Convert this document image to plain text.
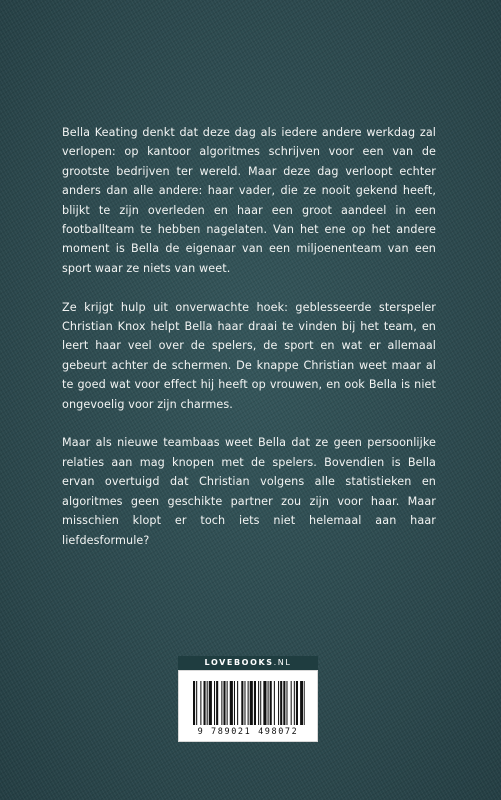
Bella Keating denkt dat deze dag als iedere andere werkdag zal verlopen: op kantoor algoritmes schrijven voor een van de grootste bedrijven ter wereld. Maar deze dag verloopt echter anders dan alle andere: haar vader, die ze nooit gekend heeft, blijkt te zijn overleden en haar een groot aandeel in een footballteam te hebben nagelaten. Van het ene op het andere moment is Bella de eigenaar van een miljoenenteam van een sport waar ze niets van weet.

Ze krijgt hulp uit onverwachte hoek: geblesseerde sterspeler Christian Knox helpt Bella haar draai te vinden bij het team, en leert haar veel over de spelers, de sport en wat er allemaal gebeurt achter de schermen. De knappe Christian weet maar al te goed wat voor effect hij heeft op vrouwen, en ook Bella is niet ongevoelig voor zijn charmes.

Maar als nieuwe teambaas weet Bella dat ze geen persoonlijke relaties aan mag knopen met de spelers. Bovendien is Bella ervan overtuigd dat Christian volgens alle statistieken en algoritmes geen geschikte partner zou zijn voor haar. Maar misschien klopt er toch iets niet helemaal aan haar liefdesformule?

LOVEBOOKS.NL
9 789021 498072
